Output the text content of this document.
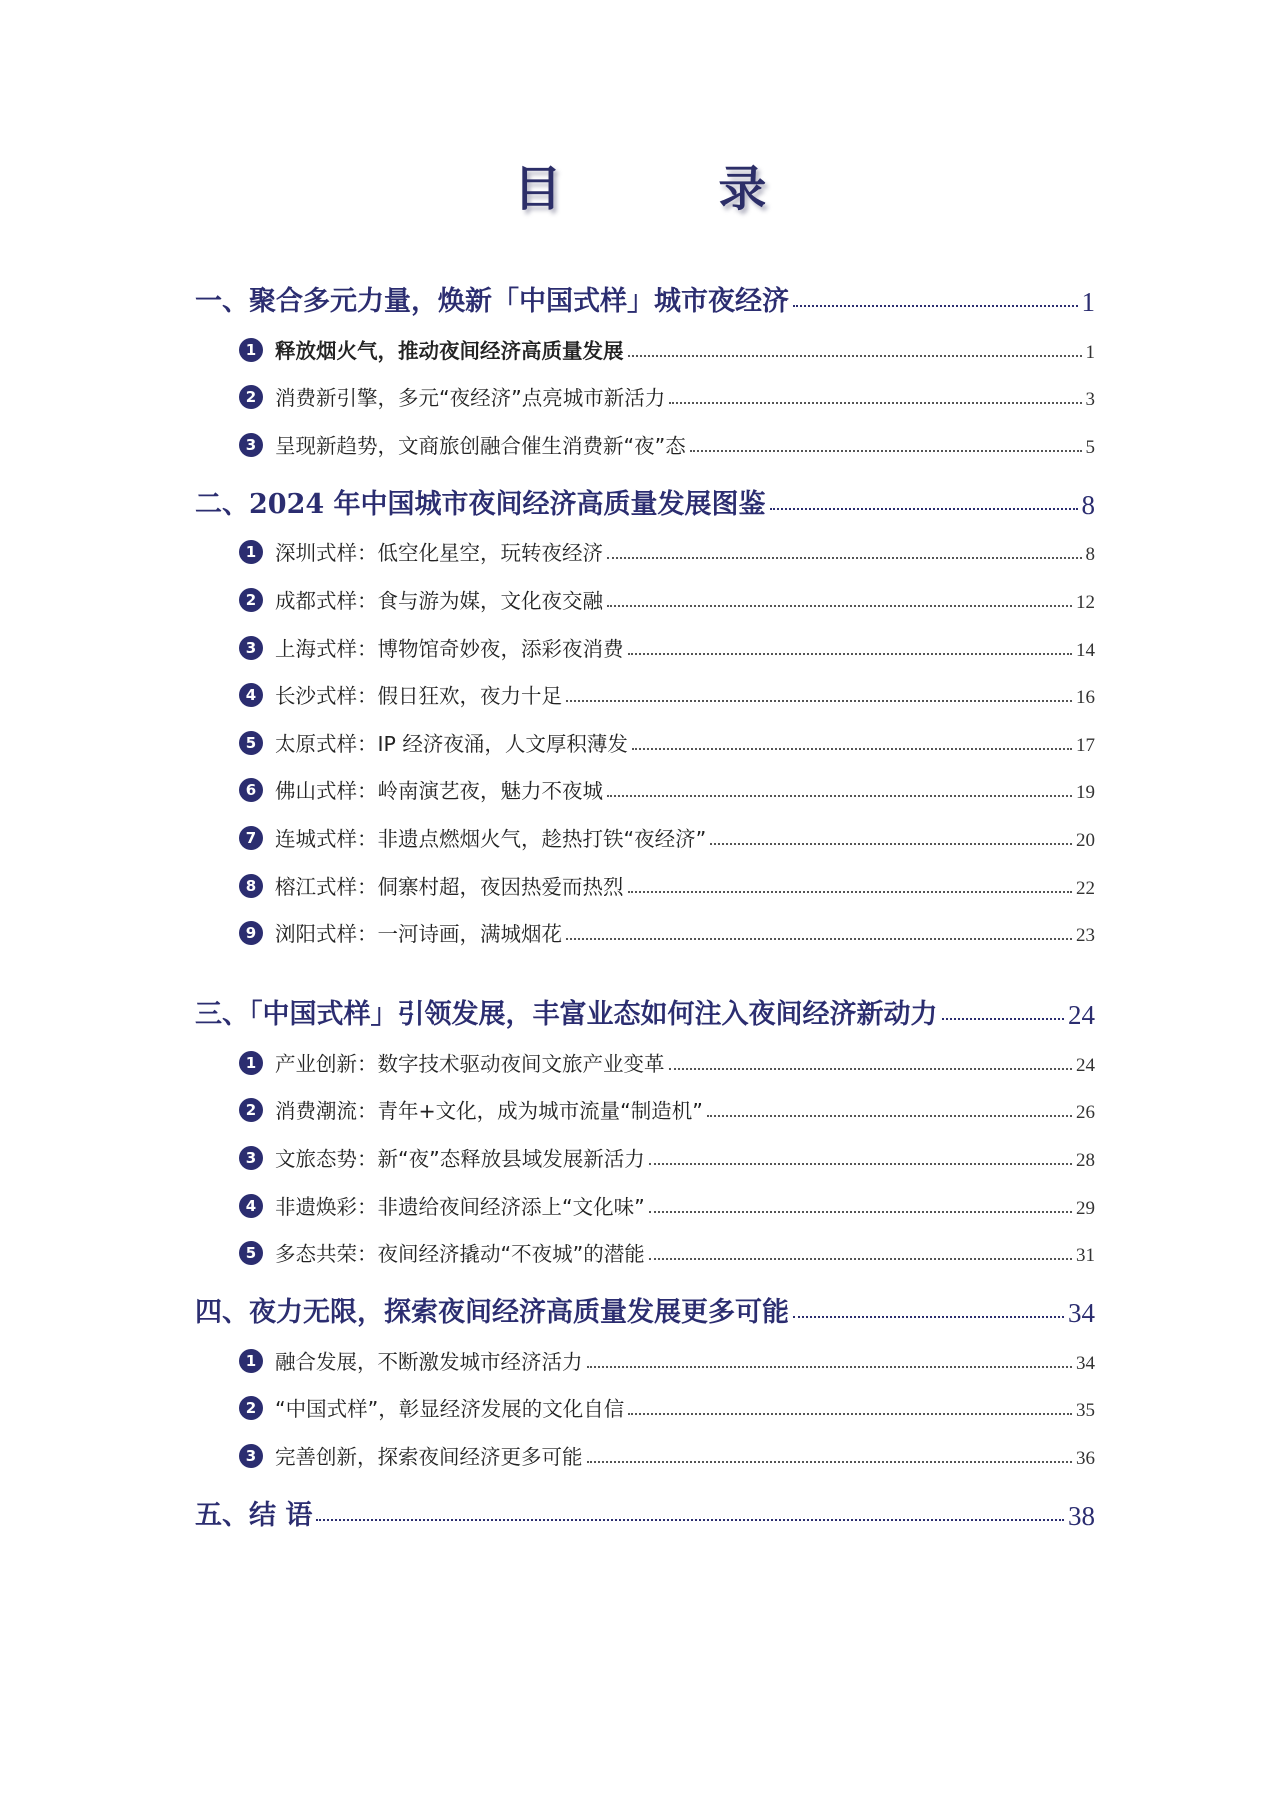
目 录
一、聚合多元力量，焕新「中国式样」城市夜经济	1
1 释放烟火气，推动夜间经济高质量发展	1
2 消费新引擎，多元“夜经济”点亮城市新活力	3
3 呈现新趋势，文商旅创融合催生消费新“夜”态	5
二、2024 年中国城市夜间经济高质量发展图鉴	8
1 深圳式样：低空化星空，玩转夜经济	8
2 成都式样：食与游为媒，文化夜交融	12
3 上海式样：博物馆奇妙夜，添彩夜消费	14
4 长沙式样：假日狂欢，夜力十足	16
5 太原式样：IP 经济夜涌，人文厚积薄发	17
6 佛山式样：岭南演艺夜，魅力不夜城	19
7 连城式样：非遗点燃烟火气，趁热打铁“夜经济”	20
8 榕江式样：侗寨村超，夜因热爱而热烈	22
9 浏阳式样：一河诗画，满城烟花	23
三、「中国式样」引领发展，丰富业态如何注入夜间经济新动力	24
1 产业创新：数字技术驱动夜间文旅产业变革	24
2 消费潮流：青年+文化，成为城市流量“制造机”	26
3 文旅态势：新“夜”态释放县域发展新活力	28
4 非遗焕彩：非遗给夜间经济添上“文化味”	29
5 多态共荣：夜间经济撬动“不夜城”的潜能	31
四、夜力无限，探索夜间经济高质量发展更多可能	34
1 融合发展，不断激发城市经济活力	34
2 “中国式样”，彰显经济发展的文化自信	35
3 完善创新，探索夜间经济更多可能	36
五、结 语	38
